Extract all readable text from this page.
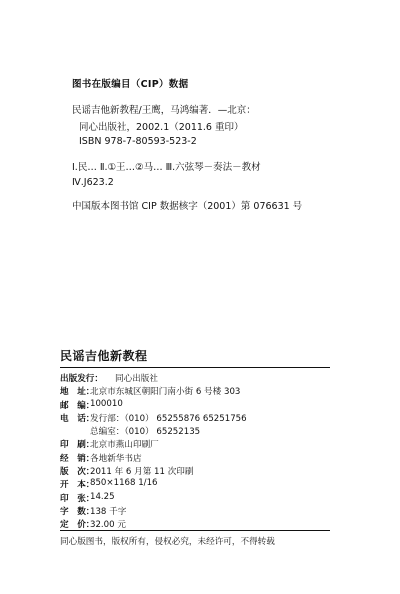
图书在版编目（CIP）数据
民谣吉他新教程/王鹰，马鸿编著．—北京：
同心出版社，2002.1（2011.6 重印）
ISBN 978-7-80593-523-2
Ⅰ.民… Ⅱ.①王…②马… Ⅲ.六弦琴－奏法－教材
Ⅳ.J623.2
中国版本图书馆 CIP 数据核字（2001）第 076631 号
民谣吉他新教程
出版发行： 同心出版社
地　址：
北京市东城区朝阳门南小街 6 号楼 303
邮　编：
100010
电　话：
发行部：（010） 65255876 65251756
总编室：（010） 65252135
印　刷：
北京市燕山印刷厂
经　销：
各地新华书店
版　次：
2011 年 6 月第 11 次印刷
开　本：
850×1168 1/16
印　张：
14.25
字　数：
138 千字
定　价：
32.00 元
同心版图书，版权所有，侵权必究，未经许可，不得转载
